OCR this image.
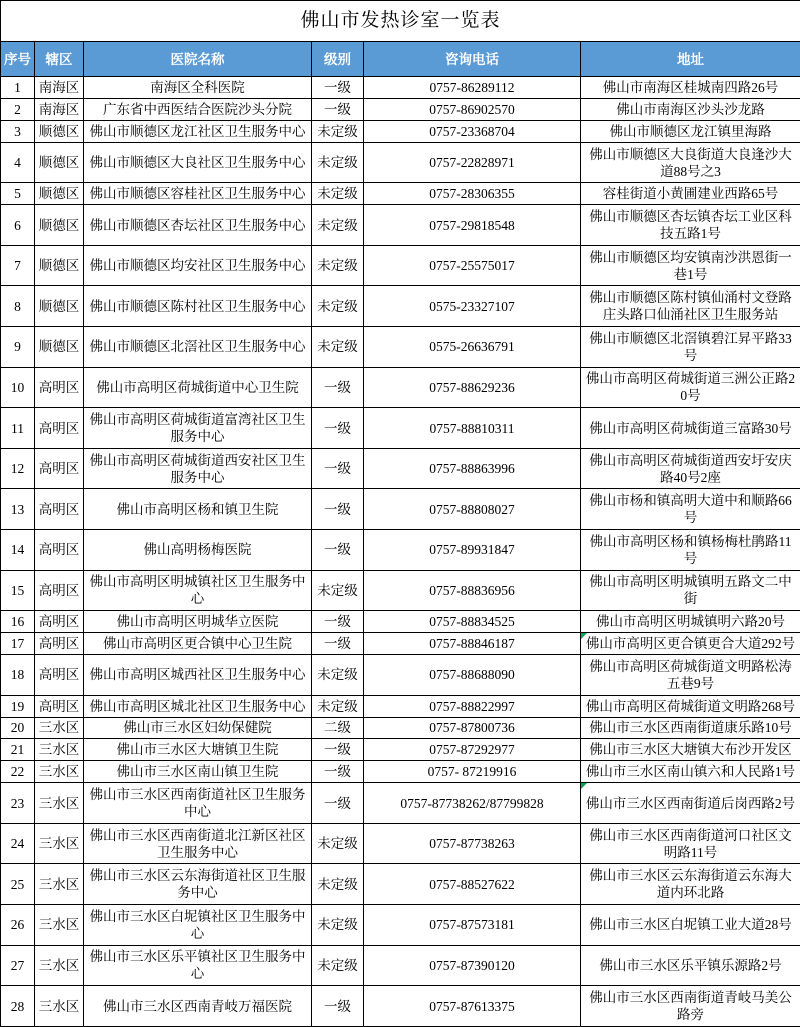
佛山市发热诊室一览表					
序号	辖区	医院名称	级别	咨询电话	地址
1	南海区	南海区全科医院	一级	0757-86289112	佛山市南海区桂城南四路26号
2	南海区	广东省中西医结合医院沙头分院	一级	0757-86902570	佛山市南海区沙头沙龙路
3	顺德区	佛山市顺德区龙江社区卫生服务中心	未定级	0757-23368704	佛山市顺德区龙江镇里海路
4	顺德区	佛山市顺德区大良社区卫生服务中心	未定级	0757-22828971	佛山市顺德区大良街道大良逢沙大道88号之3
5	顺德区	佛山市顺德区容桂社区卫生服务中心	未定级	0757-28306355	容桂街道小黄圃建业西路65号
6	顺德区	佛山市顺德区杏坛社区卫生服务中心	未定级	0757-29818548	佛山市顺德区杏坛镇杏坛工业区科技五路1号
7	顺德区	佛山市顺德区均安社区卫生服务中心	未定级	0757-25575017	佛山市顺德区均安镇南沙洪恩街一巷1号
8	顺德区	佛山市顺德区陈村社区卫生服务中心	未定级	0575-23327107	佛山市顺德区陈村镇仙涌村文登路庄头路口仙涌社区卫生服务站
9	顺德区	佛山市顺德区北滘社区卫生服务中心	未定级	0575-26636791	佛山市顺德区北滘镇碧江昇平路33号
10	高明区	佛山市高明区荷城街道中心卫生院	一级	0757-88629236	佛山市高明区荷城街道三洲公正路20号
11	高明区	佛山市高明区荷城街道富湾社区卫生服务中心	一级	0757-88810311	佛山市高明区荷城街道三富路30号
12	高明区	佛山市高明区荷城街道西安社区卫生服务中心	一级	0757-88863996	佛山市高明区荷城街道西安圩安庆路40号2座
13	高明区	佛山市高明区杨和镇卫生院	一级	0757-88808027	佛山市杨和镇高明大道中和顺路66号
14	高明区	佛山高明杨梅医院	一级	0757-89931847	佛山市高明区杨和镇杨梅杜鹃路11号
15	高明区	佛山市高明区明城镇社区卫生服务中心	未定级	0757-88836956	佛山市高明区明城镇明五路文二中街
16	高明区	佛山市高明区明城华立医院	一级	0757-88834525	佛山市高明区明城镇明六路20号
17	高明区	佛山市高明区更合镇中心卫生院	一级	0757-88846187	佛山市高明区更合镇更合大道292号
18	高明区	佛山市高明区城西社区卫生服务中心	未定级	0757-88688090	佛山市高明区荷城街道文明路松涛五巷9号
19	高明区	佛山市高明区城北社区卫生服务中心	未定级	0757-88822997	佛山市高明区荷城街道文明路268号
20	三水区	佛山市三水区妇幼保健院	二级	0757-87800736	佛山市三水区西南街道康乐路10号
21	三水区	佛山市三水区大塘镇卫生院	一级	0757-87292977	佛山市三水区大塘镇大布沙开发区
22	三水区	佛山市三水区南山镇卫生院	一级	0757- 87219916	佛山市三水区南山镇六和人民路1号
23	三水区	佛山市三水区西南街道社区卫生服务中心	一级	0757-87738262/87799828	佛山市三水区西南街道后岗西路2号
24	三水区	佛山市三水区西南街道北江新区社区卫生服务中心	未定级	0757-87738263	佛山市三水区西南街道河口社区文明路11号
25	三水区	佛山市三水区云东海街道社区卫生服务中心	未定级	0757-88527622	佛山市三水区云东海街道云东海大道内环北路
26	三水区	佛山市三水区白坭镇社区卫生服务中心	未定级	0757-87573181	佛山市三水区白坭镇工业大道28号
27	三水区	佛山市三水区乐平镇社区卫生服务中心	未定级	0757-87390120	佛山市三水区乐平镇乐源路2号
28	三水区	佛山市三水区西南青岐万福医院	一级	0757-87613375	佛山市三水区西南街道青岐马美公路旁
